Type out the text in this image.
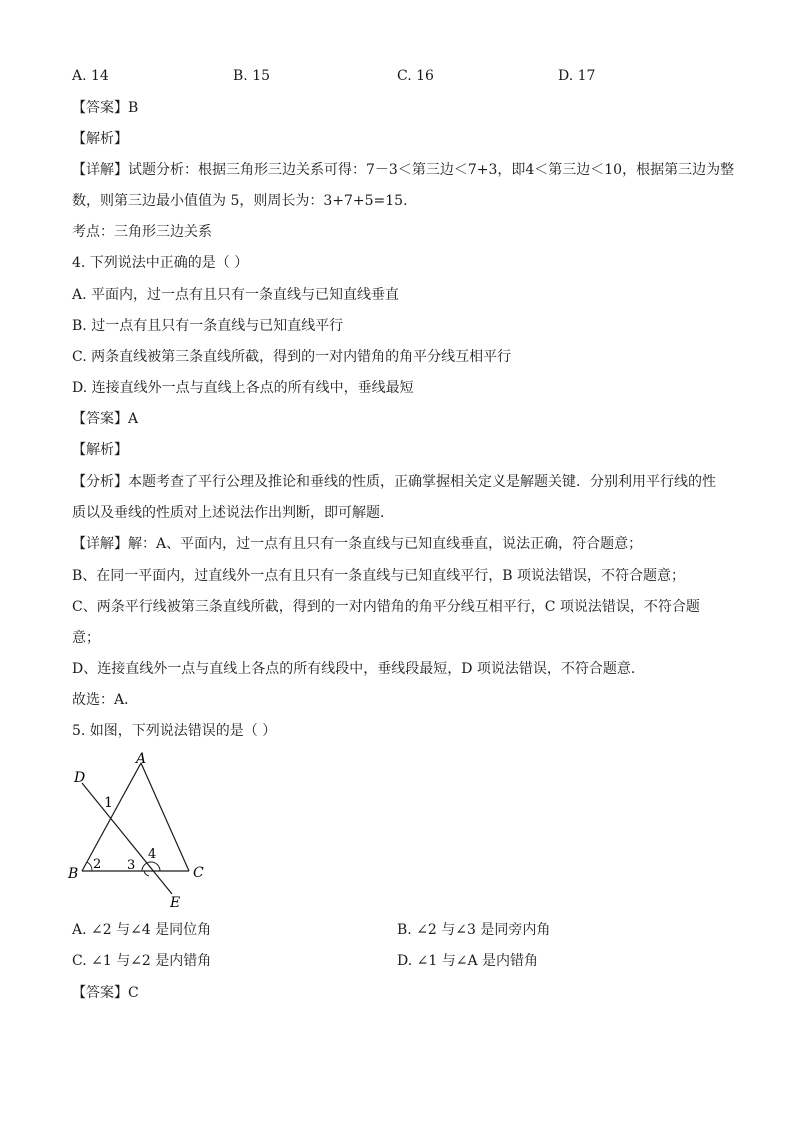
A. 14	B. 15	C. 16	D. 17
【答案】B
【解析】
【详解】试题分析：根据三角形三边关系可得：7－3＜第三边＜7+3，即4＜第三边＜10，根据第三边为整
数，则第三边最小值值为 5，则周长为：3+7+5=15.
考点：三角形三边关系
4. 下列说法中正确的是（ ）
A. 平面内，过一点有且只有一条直线与已知直线垂直
B. 过一点有且只有一条直线与已知直线平行
C. 两条直线被第三条直线所截，得到的一对内错角的角平分线互相平行
D. 连接直线外一点与直线上各点的所有线中，垂线最短
【答案】A
【解析】
【分析】本题考查了平行公理及推论和垂线的性质，正确掌握相关定义是解题关键．分别利用平行线的性
质以及垂线的性质对上述说法作出判断，即可解题．
【详解】解：A、平面内，过一点有且只有一条直线与已知直线垂直，说法正确，符合题意；
B、在同一平面内，过直线外一点有且只有一条直线与已知直线平行，B 项说法错误，不符合题意；
C、两条平行线被第三条直线所截，得到的一对内错角的角平分线互相平行，C 项说法错误，不符合题
意；
D、连接直线外一点与直线上各点的所有线段中，垂线段最短，D 项说法错误，不符合题意．
故选：A．
5. 如图，下列说法错误的是（ ）
A
B	C
D
E
1
2 3
4
A. ∠2 与∠4 是同位角	B. ∠2 与∠3 是同旁内角
C. ∠1 与∠2 是内错角	D. ∠1 与∠A 是内错角
【答案】C
